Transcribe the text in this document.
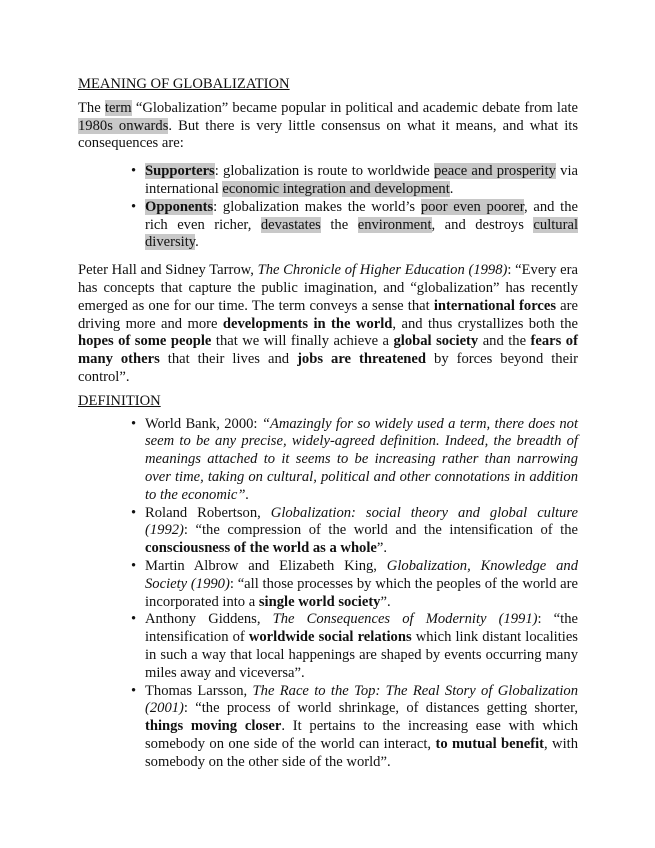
MEANING OF GLOBALIZATION

The term “Globalization” became popular in political and academic debate from late 1980s onwards. But there is very little consensus on what it means, and what its consequences are:

• Supporters: globalization is route to worldwide peace and prosperity via international economic integration and development.
• Opponents: globalization makes the world’s poor even poorer, and the rich even richer, devastates the environment, and destroys cultural diversity.

Peter Hall and Sidney Tarrow, The Chronicle of Higher Education (1998): “Every era has concepts that capture the public imagination, and “globalization” has recently emerged as one for our time. The term conveys a sense that international forces are driving more and more developments in the world, and thus crystallizes both the hopes of some people that we will finally achieve a global society and the fears of many others that their lives and jobs are threatened by forces beyond their control”.

DEFINITION
• World Bank, 2000: “Amazingly for so widely used a term, there does not seem to be any precise, widely-agreed definition. Indeed, the breadth of meanings attached to it seems to be increasing rather than narrowing over time, taking on cultural, political and other connotations in addition to the economic”.
• Roland Robertson, Globalization: social theory and global culture (1992): “the compression of the world and the intensification of the consciousness of the world as a whole”.
• Martin Albrow and Elizabeth King, Globalization, Knowledge and Society (1990): “all those processes by which the peoples of the world are incorporated into a single world society”.
• Anthony Giddens, The Consequences of Modernity (1991): “the intensification of worldwide social relations which link distant localities in such a way that local happenings are shaped by events occurring many miles away and viceversa”.
• Thomas Larsson, The Race to the Top: The Real Story of Globalization (2001): “the process of world shrinkage, of distances getting shorter, things moving closer. It pertains to the increasing ease with which somebody on one side of the world can interact, to mutual benefit, with somebody on the other side of the world”.
